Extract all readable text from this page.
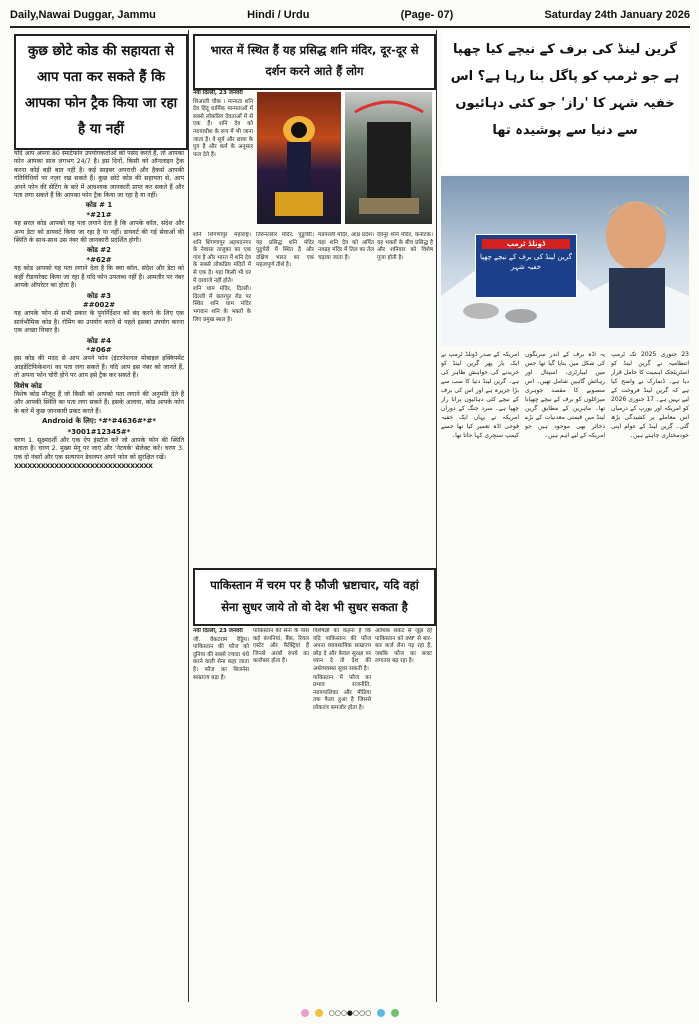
Daily,Nawai Duggar, Jammu	Hindi / Urdu	(Page- 07)	Saturday 24th January 2026
कुछ छोटे कोड की सहायता से आप पता कर सकते हैं कि आपका फोन ट्रैक किया जा रहा है या नहीं

यदि आप अपना 80 स्मार्टफोन उपयोगकर्ताओं को पसंद करते हैं, तो आपका फोन आपका साथ लगभग 24/7 है। इस दिनों, किसी को ऑनलाइन ट्रैक करना कोई बड़ी बात नहीं है। कई साइबर अपराधी और हैकर्स आपकी गतिविधियों पर नज़र रख सकते हैं। कुछ छोटे कोड की सहायता से, आप अपने फोन की सेटिंग के बारे में आवश्यक जानकारी प्राप्त कर सकते हैं और पता लगा सकते हैं कि आपका फोन ट्रैक किया जा रहा है या नहीं।

कोड # 1

*#21#

यह सरल कोड आपको यह पता लगाने देता है कि आपके कॉल, संदेश और अन्य डेटा को डायवर्ट किया जा रहा है या नहीं। डायवर्ट की गई सेवाओं की स्थिति के साथ-साथ उस नंबर की जानकारी प्रदर्शित होगी।

कोड #2

*#62#

यह कोड आपको यह पता लगाने देता है कि क्या कॉल, संदेश और डेटा को कहीं रीडायरेक्ट किया जा रहा है यदि फोन उपलब्ध नहीं है। आमतौर पर नंबर आपके ऑपरेटर का होता है।

कोड #3

##002#

यह आपके फोन से सभी प्रकार के पुनर्निर्देशन को बंद करने के लिए एक सार्वभौमिक कोड है। रोमिंग का उपयोग करने से पहले इसका उपयोग करना एक अच्छा विचार है।

कोड #4

*#06#

इस कोड की मदद से आप अपने फोन (इंटरनेशनल मोबाइल इक्विपमेंट आइडेंटिफिकेशन) का पता लगा सकते हैं। यदि आप इस नंबर को जानते हैं, तो अपना फोन चोरी होने पर आप इसे ट्रैक कर सकते हैं।

विशेष कोड

विशेष कोड मौजूद हैं जो किसी को आपको पता लगाने की अनुमति देते हैं और आपकी स्थिति का पता लगा सकते हैं। इसके अलावा, कोड आपके फोन के बारे में कुछ जानकारी प्रकट करते हैं।

Android के लिए: *#*#4636#*#*

*3001#12345#*

चरण 1. सूक्ष्मदर्शी और एक ऐप इंस्टॉल करें जो आपके फोन की स्थिति बताता है। चरण 2. मुख्य मेनू पर जाएं और 'नेटवर्क' सेलेक्ट करें। चरण 3. एक दो नंबरों और एक सत्यापन डेवलपर अपने फोन को सुरक्षित रखें।

XXXXXXXXXXXXXXXXXXXXXXXXXXXXXXX

भारत में स्थित हैं यह प्रसिद्ध शनि मंदिर, दूर-दूर से दर्शन करने आते हैं लोग

नयी दिल्ली, 23 जनवरी

शिआली चौक । मान्यता शनि देव हिंदू धार्मिक मान्यताओं में सबसे लोकप्रिय देवताओं में से एक हैं। शनि देव को न्यायाधीश के रूप में भी जाना जाता है। वे सूर्य और छाया के पुत्र हैं और कर्म के अनुसार फल देते हैं।

शनि शिंगणापुर महाराष्ट्र। शनि शिंगणापुर अहमदनगर के नेवासा तालुका का एक गांव है और भारत में शनि देव के सबसे लोकप्रिय मंदिरों में से एक है। यहां किसी भी घर में दरवाजे नहीं होते।

शनि धाम मंदिर, दिल्ली। दिल्ली में छतरपुर रोड पर स्थित शनि धाम मंदिर भगवान शनि के भक्तों के लिए प्रमुख स्थल है।

तिरुनल्लार मंदिर, पुडुचेरी। यह प्रसिद्ध शनि मंदिर पुडुचेरी में स्थित है और दक्षिण भारत का एक महत्वपूर्ण तीर्थ है।

मंडपल्ली मंदिर, आंध्र प्रदेश। यहां शनि देव को अर्पित नवग्रह मंदिर में तिल का तेल चढ़ाया जाता है।

देवनूर शनि मंदिर, कर्नाटक। यह भक्तों के बीच प्रसिद्ध है और शनिवार को विशेष पूजा होती है।

पाकिस्तान में चरम पर है फौजी भ्रष्टाचार, यदि वहां सेना सुधर जाये तो वो देश भी सुधर सकता है

नयी दिल्ली, 23 जनवरी

जी. वेंकटराम रेड्डिय। पाकिस्तान की फौज को दुनिया की सबसे ज्यादा धंधे करने वाली सेना कहा जाता है। फौज का बिजनेस साम्राज्य बड़ा है।

पाकिस्तान की सेना के पास कई कंपनियां, बैंक, रियल एस्टेट और फैक्ट्रियां हैं जिनसे अरबों रुपये का कारोबार होता है।

विशेषज्ञों का कहना है कि यदि पाकिस्तान की फौज अपना व्यावसायिक साम्राज्य छोड़ दे और केवल सुरक्षा पर ध्यान दे तो देश की अर्थव्यवस्था सुधर सकती है।

पाकिस्तान में फौज का प्रभाव राजनीति, न्यायपालिका और मीडिया तक फैला हुआ है जिससे लोकतंत्र कमजोर होता है।

आर्थिक संकट से जूझ रहे पाकिस्तान को IMF से बार-बार कर्ज लेना पड़ रहा है, जबकि फौज का बजट लगातार बढ़ रहा है।

گرین لینڈ کی برف کے نیچے کیا چھپا ہے جو ٹرمپ کو پاگل بنا رہا ہے؟ اس خفیہ شہر کا 'راز' جو کئی دہائیوں سے دنیا سے پوشیدہ تھا
ڈونلڈ ٹرمپ
گرین لینڈ کی برف کے نیچے چھپا خفیہ شہر

امریکہ کے صدر ڈونلڈ ٹرمپ نے ایک بار پھر گرین لینڈ کو خریدنے کی خواہش ظاہر کی ہے۔ گرین لینڈ دنیا کا سب سے بڑا جزیرہ ہے اور اس کی برف کے نیچے کئی دہائیوں پرانا راز چھپا ہے۔ سرد جنگ کے دوران امریکہ نے یہاں ایک خفیہ فوجی اڈہ تعمیر کیا تھا جسے کیمپ سنچری کہا جاتا تھا۔

یہ اڈہ برف کے اندر سرنگوں کی شکل میں بنایا گیا تھا جس میں لیبارٹری، اسپتال اور رہائش گاہیں شامل تھیں۔ اس منصوبے کا مقصد جوہری میزائلوں کو برف کے نیچے چھپانا تھا۔ ماہرین کے مطابق گرین لینڈ میں قیمتی معدنیات کے بڑے ذخائر بھی موجود ہیں جو امریکہ کے لیے اہم ہیں۔

23 جنوری 2025 تک ٹرمپ انتظامیہ نے گرین لینڈ کو اسٹریٹجک اہمیت کا حامل قرار دیا ہے۔ ڈنمارک نے واضح کیا ہے کہ گرین لینڈ فروخت کے لیے نہیں ہے۔ 17 جنوری 2026 کو امریکہ اور یورپ کے درمیان اس معاملے پر کشیدگی بڑھ گئی۔ گرین لینڈ کے عوام اپنی خودمختاری چاہتے ہیں۔

○○○●○○○
